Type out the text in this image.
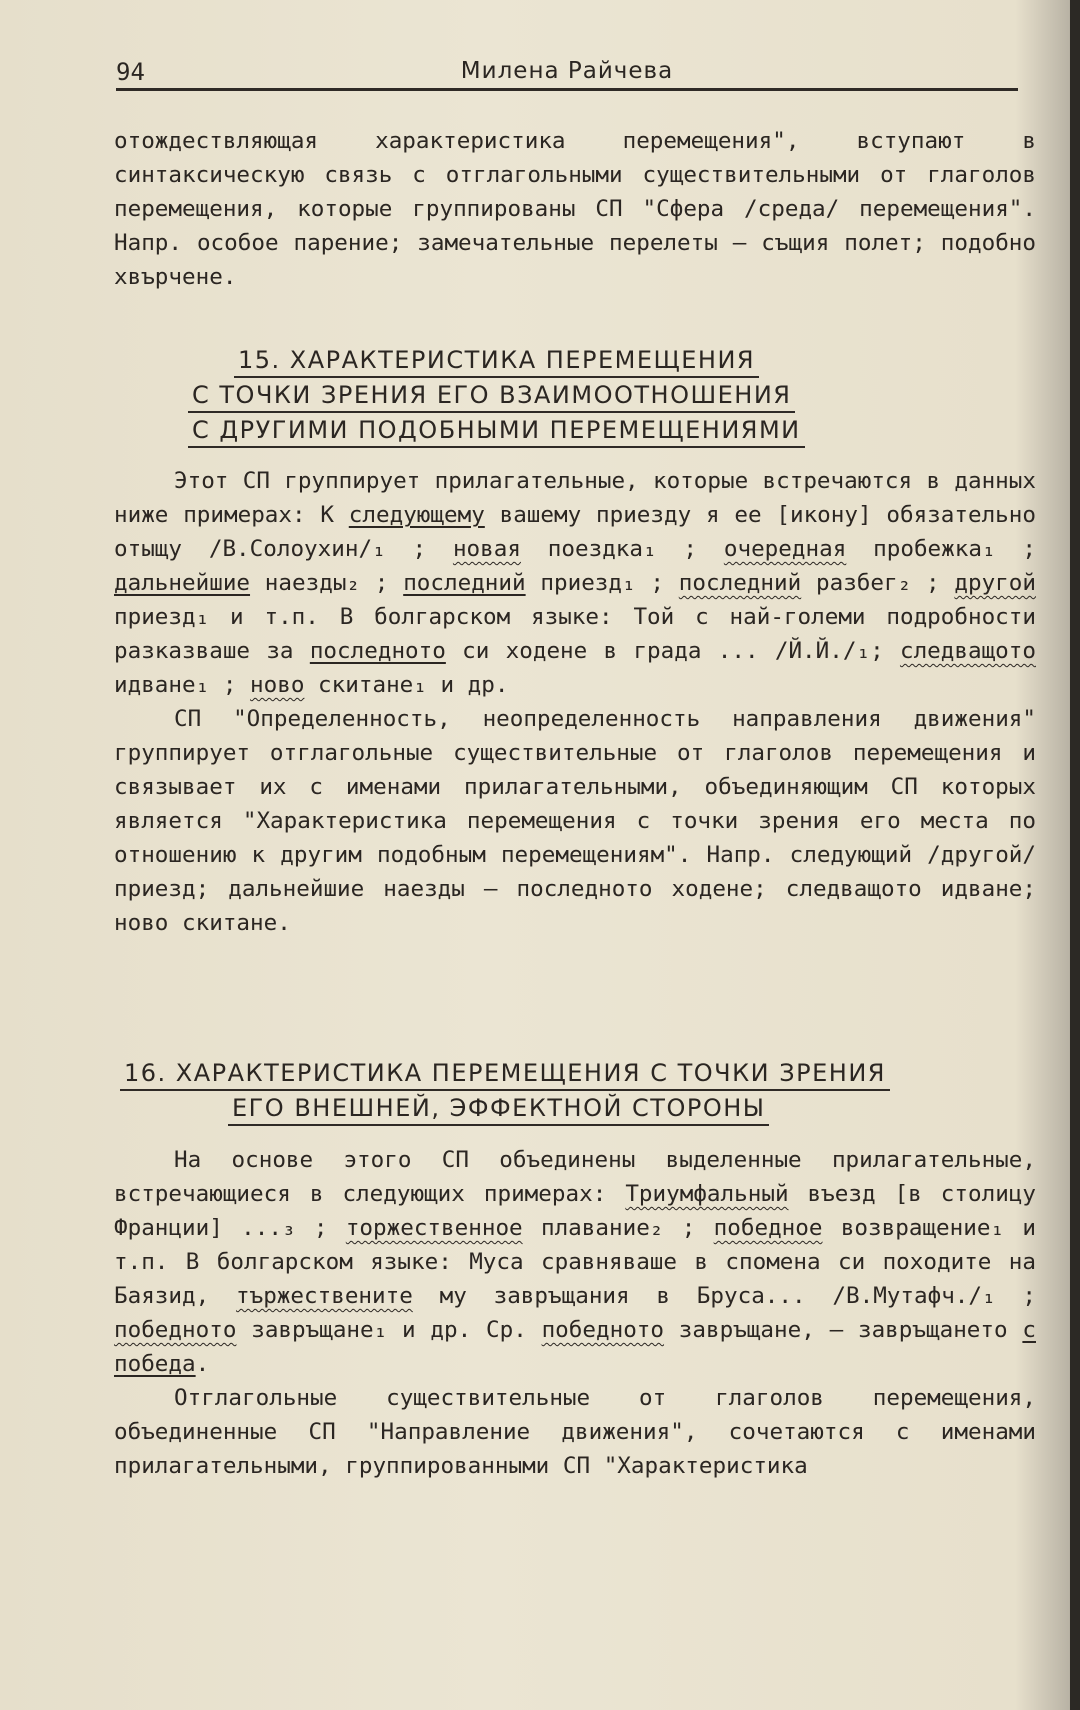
94	Милена Райчева

отождествляющая характеристика перемещения", вступают в синтаксическую связь с отглагольными существительными от глаголов перемещения, которые группированы СП "Сфера /среда/ перемещения". Напр. особое парение; замечательные перелеты – същия полет; подобно хвърчене.

15. ХАРАКТЕРИСТИКА ПЕРЕМЕЩЕНИЯ
С ТОЧКИ ЗРЕНИЯ ЕГО ВЗАИМООТНОШЕНИЯ
С ДРУГИМИ ПОДОБНЫМИ ПЕРЕМЕЩЕНИЯМИ

Этот СП группирует прилагательные, которые встречаются в данных ниже примерах: К следующему вашему приезду я ее [икону] обязательно отыщу /В.Солоухин/₁ ; новая поездка₁ ; очередная пробежка₁ ; дальнейшие наезды₂ ; последний приезд₁ ; последний разбег₂ ; другой приезд₁ и т.п. В болгарском языке: Той с най-големи подробности разказваше за последното си ходене в града ... /Й.Й./₁; следващото идване₁ ; ново скитане₁ и др.

СП "Определенность, неопределенность направления движения" группирует отглагольные существительные от глаголов перемещения и связывает их с именами прилагательными, объединяющим СП которых является "Характеристика перемещения с точки зрения его места по отношению к другим подобным перемещениям". Напр. следующий /другой/ приезд; дальнейшие наезды – последното ходене; следващото идване; ново скитане.

16. ХАРАКТЕРИСТИКА ПЕРЕМЕЩЕНИЯ С ТОЧКИ ЗРЕНИЯ
ЕГО ВНЕШНЕЙ, ЭФФЕКТНОЙ СТОРОНЫ

На основе этого СП объединены выделенные прилагательные, встречающиеся в следующих примерах: Триумфальный въезд [в столицу Франции] ...₃ ; торжественное плавание₂ ; победное возвращение₁ и т.п. В болгарском языке: Муса сравняваше в спомена си походите на Баязид, тържествените му завръщания в Бруса... /В.Мутафч./₁ ; победното завръщане₁ и др. Ср. победното завръщане, – завръщането с победа.

Отглагольные существительные от глаголов перемещения, объединенные СП "Направление движения", сочетаются с именами прилагательными, группированными СП "Характеристика
